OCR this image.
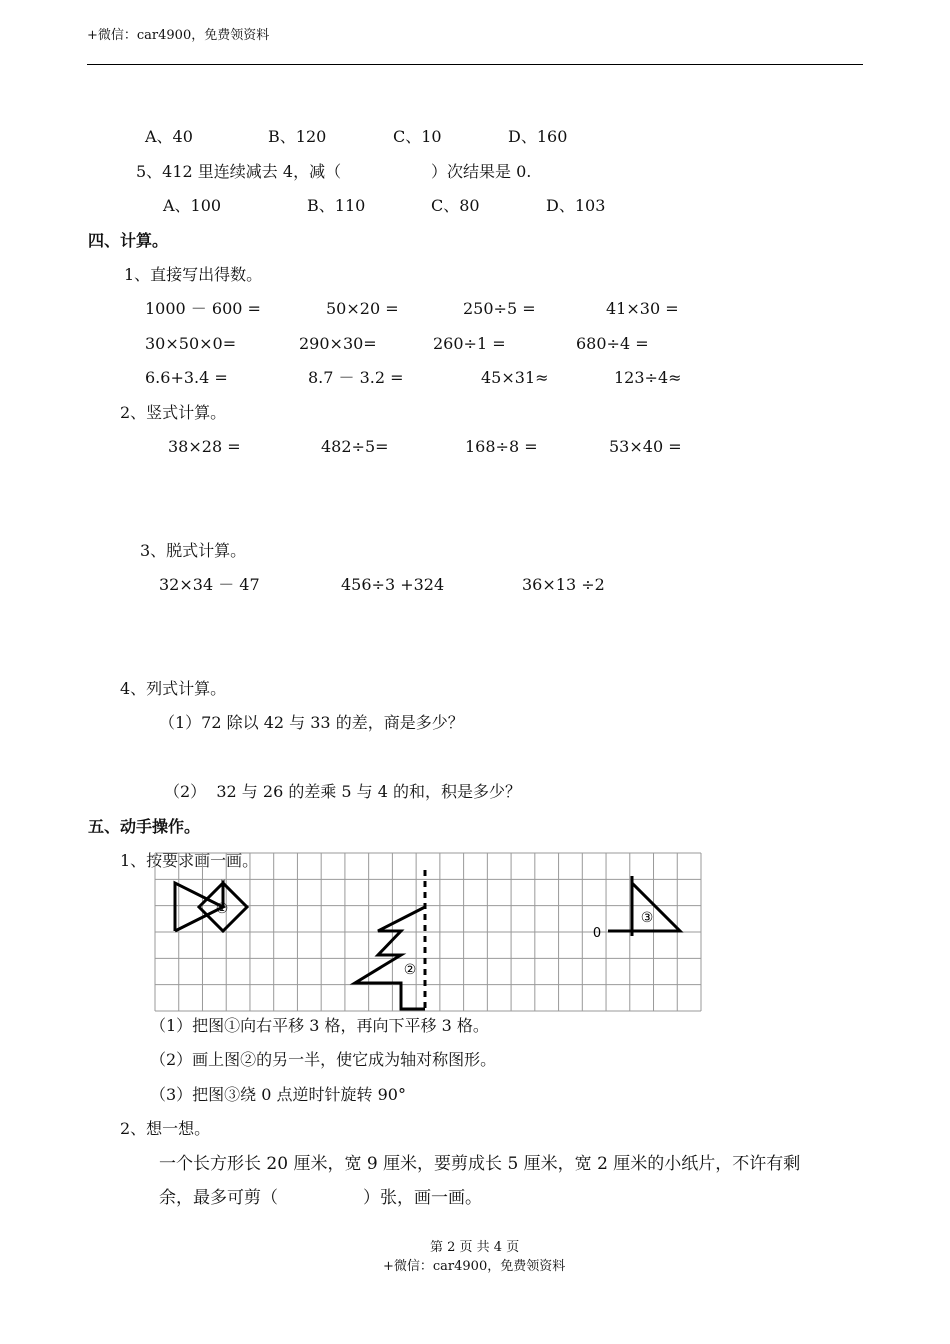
+微信：car4900，免费领资料
A、40	B、120	C、10	D、160
5、412 里连续减去 4，减（	）次结果是 0.
A、100	B、110	C、80	D、103
四、计算。
1、直接写出得数。
1000 － 600 =	50×20 =	250÷5 =	41×30 =
30×50×0=	290×30=	260÷1 =	680÷4 =
6.6+3.4 =	8.7 － 3.2 =	45×31≈	123÷4≈
2、竖式计算。
38×28 =	482÷5=	168÷8 =	53×40 =
3、脱式计算。
32×34 － 47	456÷3 +324	36×13 ÷2
4、列式计算。
（1）72 除以 42 与 33 的差，商是多少？
（2）  32 与 26 的差乘 5 与 4 的和，积是多少？
五、动手操作。
1、按要求画一画。
①
②
③
0
（1）把图①向右平移 3 格，再向下平移 3 格。
（2）画上图②的另一半，使它成为轴对称图形。
（3）把图③绕 0 点逆时针旋转 90°
2、想一想。
一个长方形长 20 厘米，宽 9 厘米，要剪成长 5 厘米，宽 2 厘米的小纸片，不许有剩
余，最多可剪（	）张，画一画。
第 2 页 共 4 页
+微信：car4900，免费领资料
